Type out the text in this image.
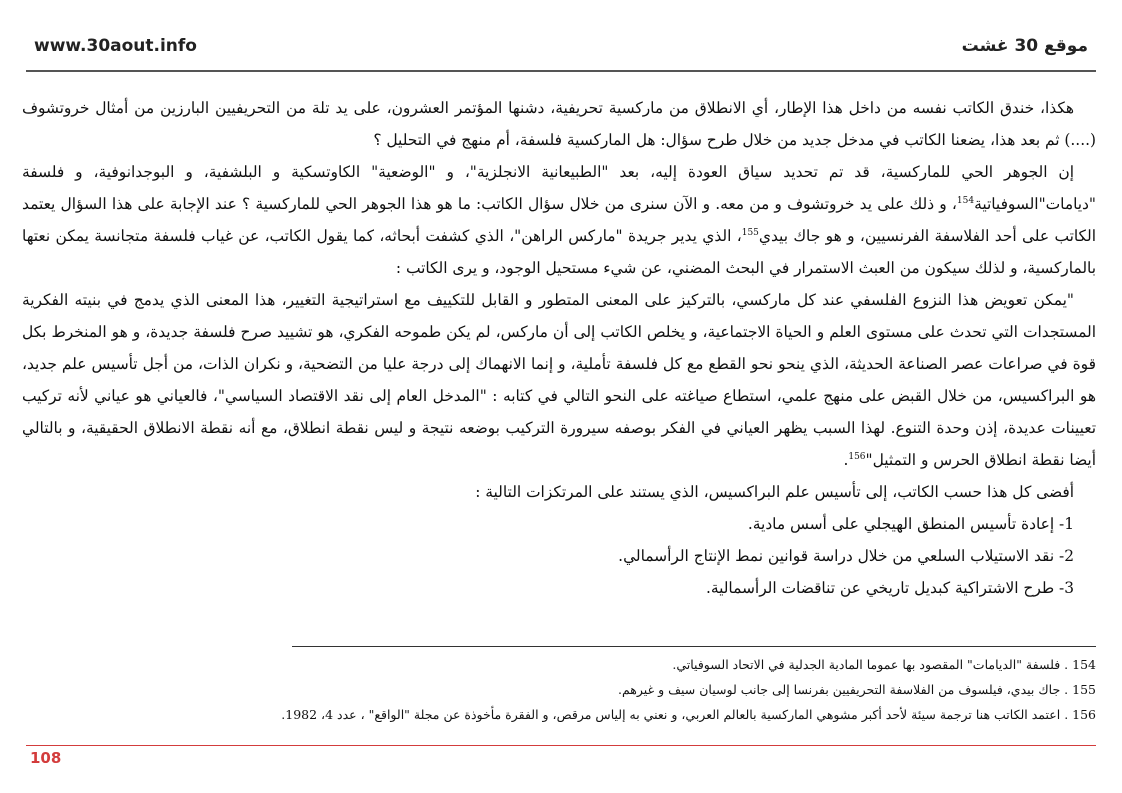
www.30aout.info	موقع 30 غشت

هكذا، خندق الكاتب نفسه من داخل هذا الإطار، أي الانطلاق من ماركسية تحريفية، دشنها المؤتمر العشرون، على يد تلة من التحريفيين البارزين من أمثال خروتشوف (....) ثم بعد هذا، يضعنا الكاتب في مدخل جديد من خلال طرح سؤال: هل الماركسية فلسفة، أم منهج في التحليل ؟

إن الجوهر الحي للماركسية، قد تم تحديد سياق العودة إليه، بعد "الطبيعانية الانجلزية"، و "الوضعية" الكاوتسكية و البلشفية، و البوجدانوفية، و فلسفة "ديامات"السوفياتية$^{154}$، و ذلك على يد خروتشوف و من معه. و الآن سنرى من خلال سؤال الكاتب: ما هو هذا الجوهر الحي للماركسية ؟ عند الإجابة على هذا السؤال يعتمد الكاتب على أحد الفلاسفة الفرنسيين، و هو جاك بيدي$^{155}$، الذي يدير جريدة "ماركس الراهن"، الذي كشفت أبحاثه، كما يقول الكاتب، عن غياب فلسفة متجانسة يمكن نعتها بالماركسية، و لذلك سيكون من العبث الاستمرار في البحث المضني، عن شيء مستحيل الوجود، و يرى الكاتب :

"يمكن تعويض هذا النزوع الفلسفي عند كل ماركسي، بالتركيز على المعنى المتطور و القابل للتكييف مع استراتيجية التغيير، هذا المعنى الذي يدمج في بنيته الفكرية المستجدات التي تحدث على مستوى العلم و الحياة الاجتماعية، و يخلص الكاتب إلى أن ماركس، لم يكن طموحه الفكري، هو تشييد صرح فلسفة جديدة، و هو المنخرط بكل قوة في صراعات عصر الصناعة الحديثة، الذي ينحو نحو القطع مع كل فلسفة تأملية، و إنما الانهماك إلى درجة عليا من التضحية، و نكران الذات، من أجل تأسيس علم جديد، هو البراكسيس، من خلال القبض على منهج علمي، استطاع صياغته على النحو التالي في كتابه : "المدخل العام إلى نقد الاقتصاد السياسي"، فالعياني هو عياني لأنه تركيب تعيينات عديدة، إذن وحدة التنوع. لهذا السبب يظهر العياني في الفكر بوصفه سيرورة التركيب بوضعه نتيجة و ليس نقطة انطلاق، مع أنه نقطة الانطلاق الحقيقية، و بالتالي أيضا نقطة انطلاق الحرس و التمثيل"$^{156}$.

أفضى كل هذا حسب الكاتب، إلى تأسيس علم البراكسيس، الذي يستند على المرتكزات التالية :

1- إعادة تأسيس المنطق الهيجلي على أسس مادية.

2- نقد الاستيلاب السلعي من خلال دراسة قوانين نمط الإنتاج الرأسمالي.

3- طرح الاشتراكية كبديل تاريخي عن تناقضات الرأسمالية.

154 . فلسفة "الديامات" المقصود بها عموما المادية الجدلية في الاتحاد السوفياتي.

155 . جاك بيدي، فيلسوف من الفلاسفة التحريفيين بفرنسا إلى جانب لوسيان سيف و غيرهم.

156 . اعتمد الكاتب هنا ترجمة سيئة لأحد أكبر مشوهي الماركسية بالعالم العربي، و نعني به إلياس مرقص، و الفقرة مأخوذة عن مجلة "الواقع" ، عدد 4، 1982.

108
